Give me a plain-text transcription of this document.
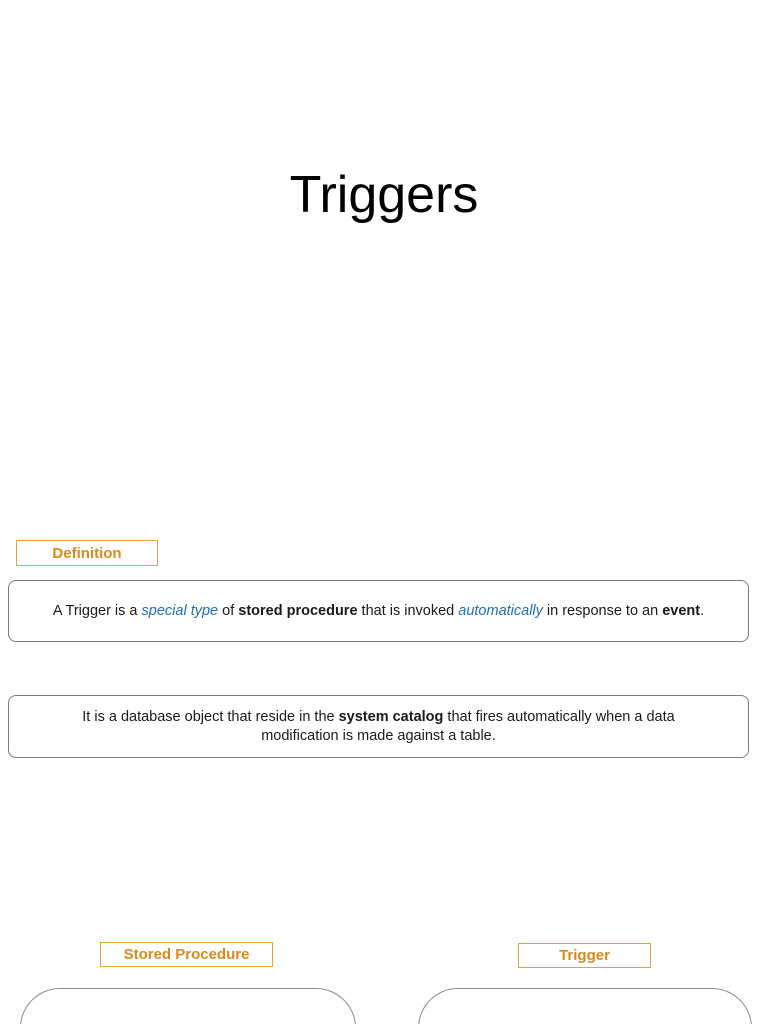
Triggers
Definition
A Trigger is a special type of stored procedure that is invoked automatically in response to an event.
It is a database object that reside in the system catalog that fires automatically when a data modification is made against a table.
Stored Procedure	Trigger
